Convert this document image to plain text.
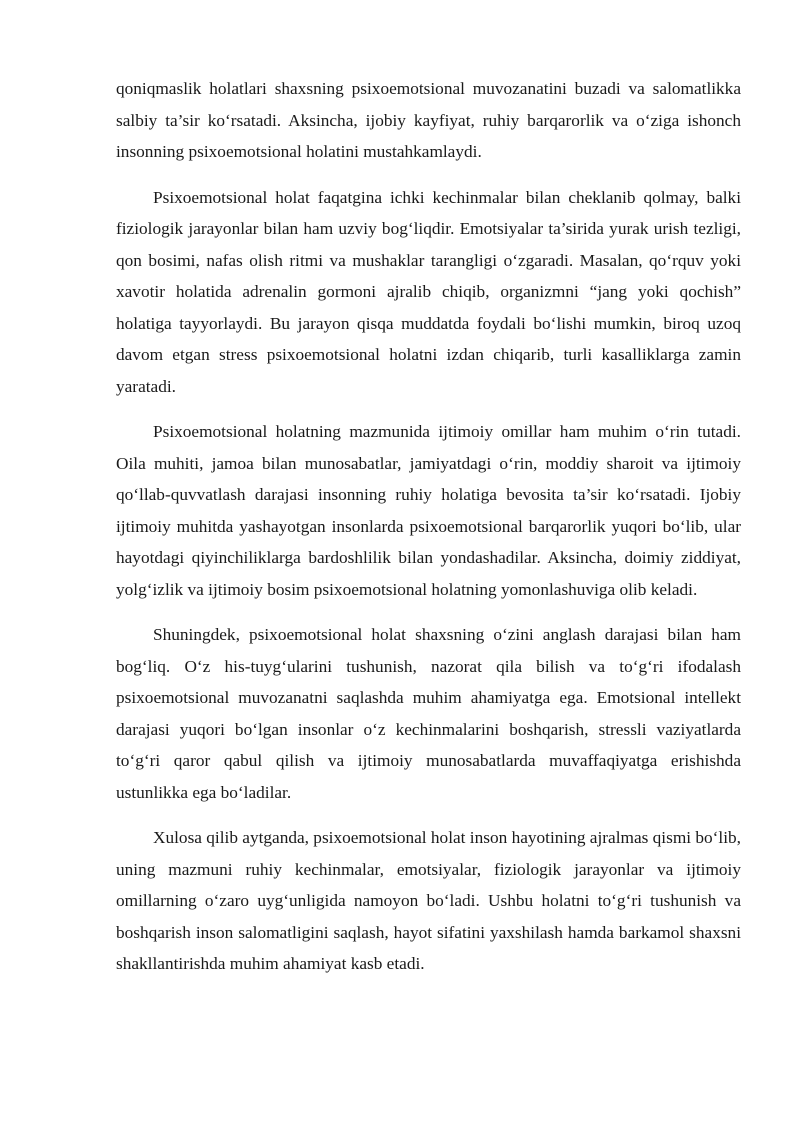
qoniqmaslik holatlari shaxsning psixoemotsional muvozanatini buzadi va salomatlikka salbiy ta’sir ko‘rsatadi. Aksincha, ijobiy kayfiyat, ruhiy barqarorlik va o‘ziga ishonch insonning psixoemotsional holatini mustahkamlaydi.

Psixoemotsional holat faqatgina ichki kechinmalar bilan cheklanib qolmay, balki fiziologik jarayonlar bilan ham uzviy bog‘liqdir. Emotsiyalar ta’sirida yurak urish tezligi, qon bosimi, nafas olish ritmi va mushaklar tarangligi o‘zgaradi. Masalan, qo‘rquv yoki xavotir holatida adrenalin gormoni ajralib chiqib, organizmni “jang yoki qochish” holatiga tayyorlaydi. Bu jarayon qisqa muddatda foydali bo‘lishi mumkin, biroq uzoq davom etgan stress psixoemotsional holatni izdan chiqarib, turli kasalliklarga zamin yaratadi.

Psixoemotsional holatning mazmunida ijtimoiy omillar ham muhim o‘rin tutadi. Oila muhiti, jamoa bilan munosabatlar, jamiyatdagi o‘rin, moddiy sharoit va ijtimoiy qo‘llab-quvvatlash darajasi insonning ruhiy holatiga bevosita ta’sir ko‘rsatadi. Ijobiy ijtimoiy muhitda yashayotgan insonlarda psixoemotsional barqarorlik yuqori bo‘lib, ular hayotdagi qiyinchiliklarga bardoshlilik bilan yondashadilar. Aksincha, doimiy ziddiyat, yolg‘izlik va ijtimoiy bosim psixoemotsional holatning yomonlashuviga olib keladi.

Shuningdek, psixoemotsional holat shaxsning o‘zini anglash darajasi bilan ham bog‘liq. O‘z his-tuyg‘ularini tushunish, nazorat qila bilish va to‘g‘ri ifodalash psixoemotsional muvozanatni saqlashda muhim ahamiyatga ega. Emotsional intellekt darajasi yuqori bo‘lgan insonlar o‘z kechinmalarini boshqarish, stressli vaziyatlarda to‘g‘ri qaror qabul qilish va ijtimoiy munosabatlarda muvaffaqiyatga erishishda ustunlikka ega bo‘ladilar.

Xulosa qilib aytganda, psixoemotsional holat inson hayotining ajralmas qismi bo‘lib, uning mazmuni ruhiy kechinmalar, emotsiyalar, fiziologik jarayonlar va ijtimoiy omillarning o‘zaro uyg‘unligida namoyon bo‘ladi. Ushbu holatni to‘g‘ri tushunish va boshqarish inson salomatligini saqlash, hayot sifatini yaxshilash hamda barkamol shaxsni shakllantirishda muhim ahamiyat kasb etadi.
